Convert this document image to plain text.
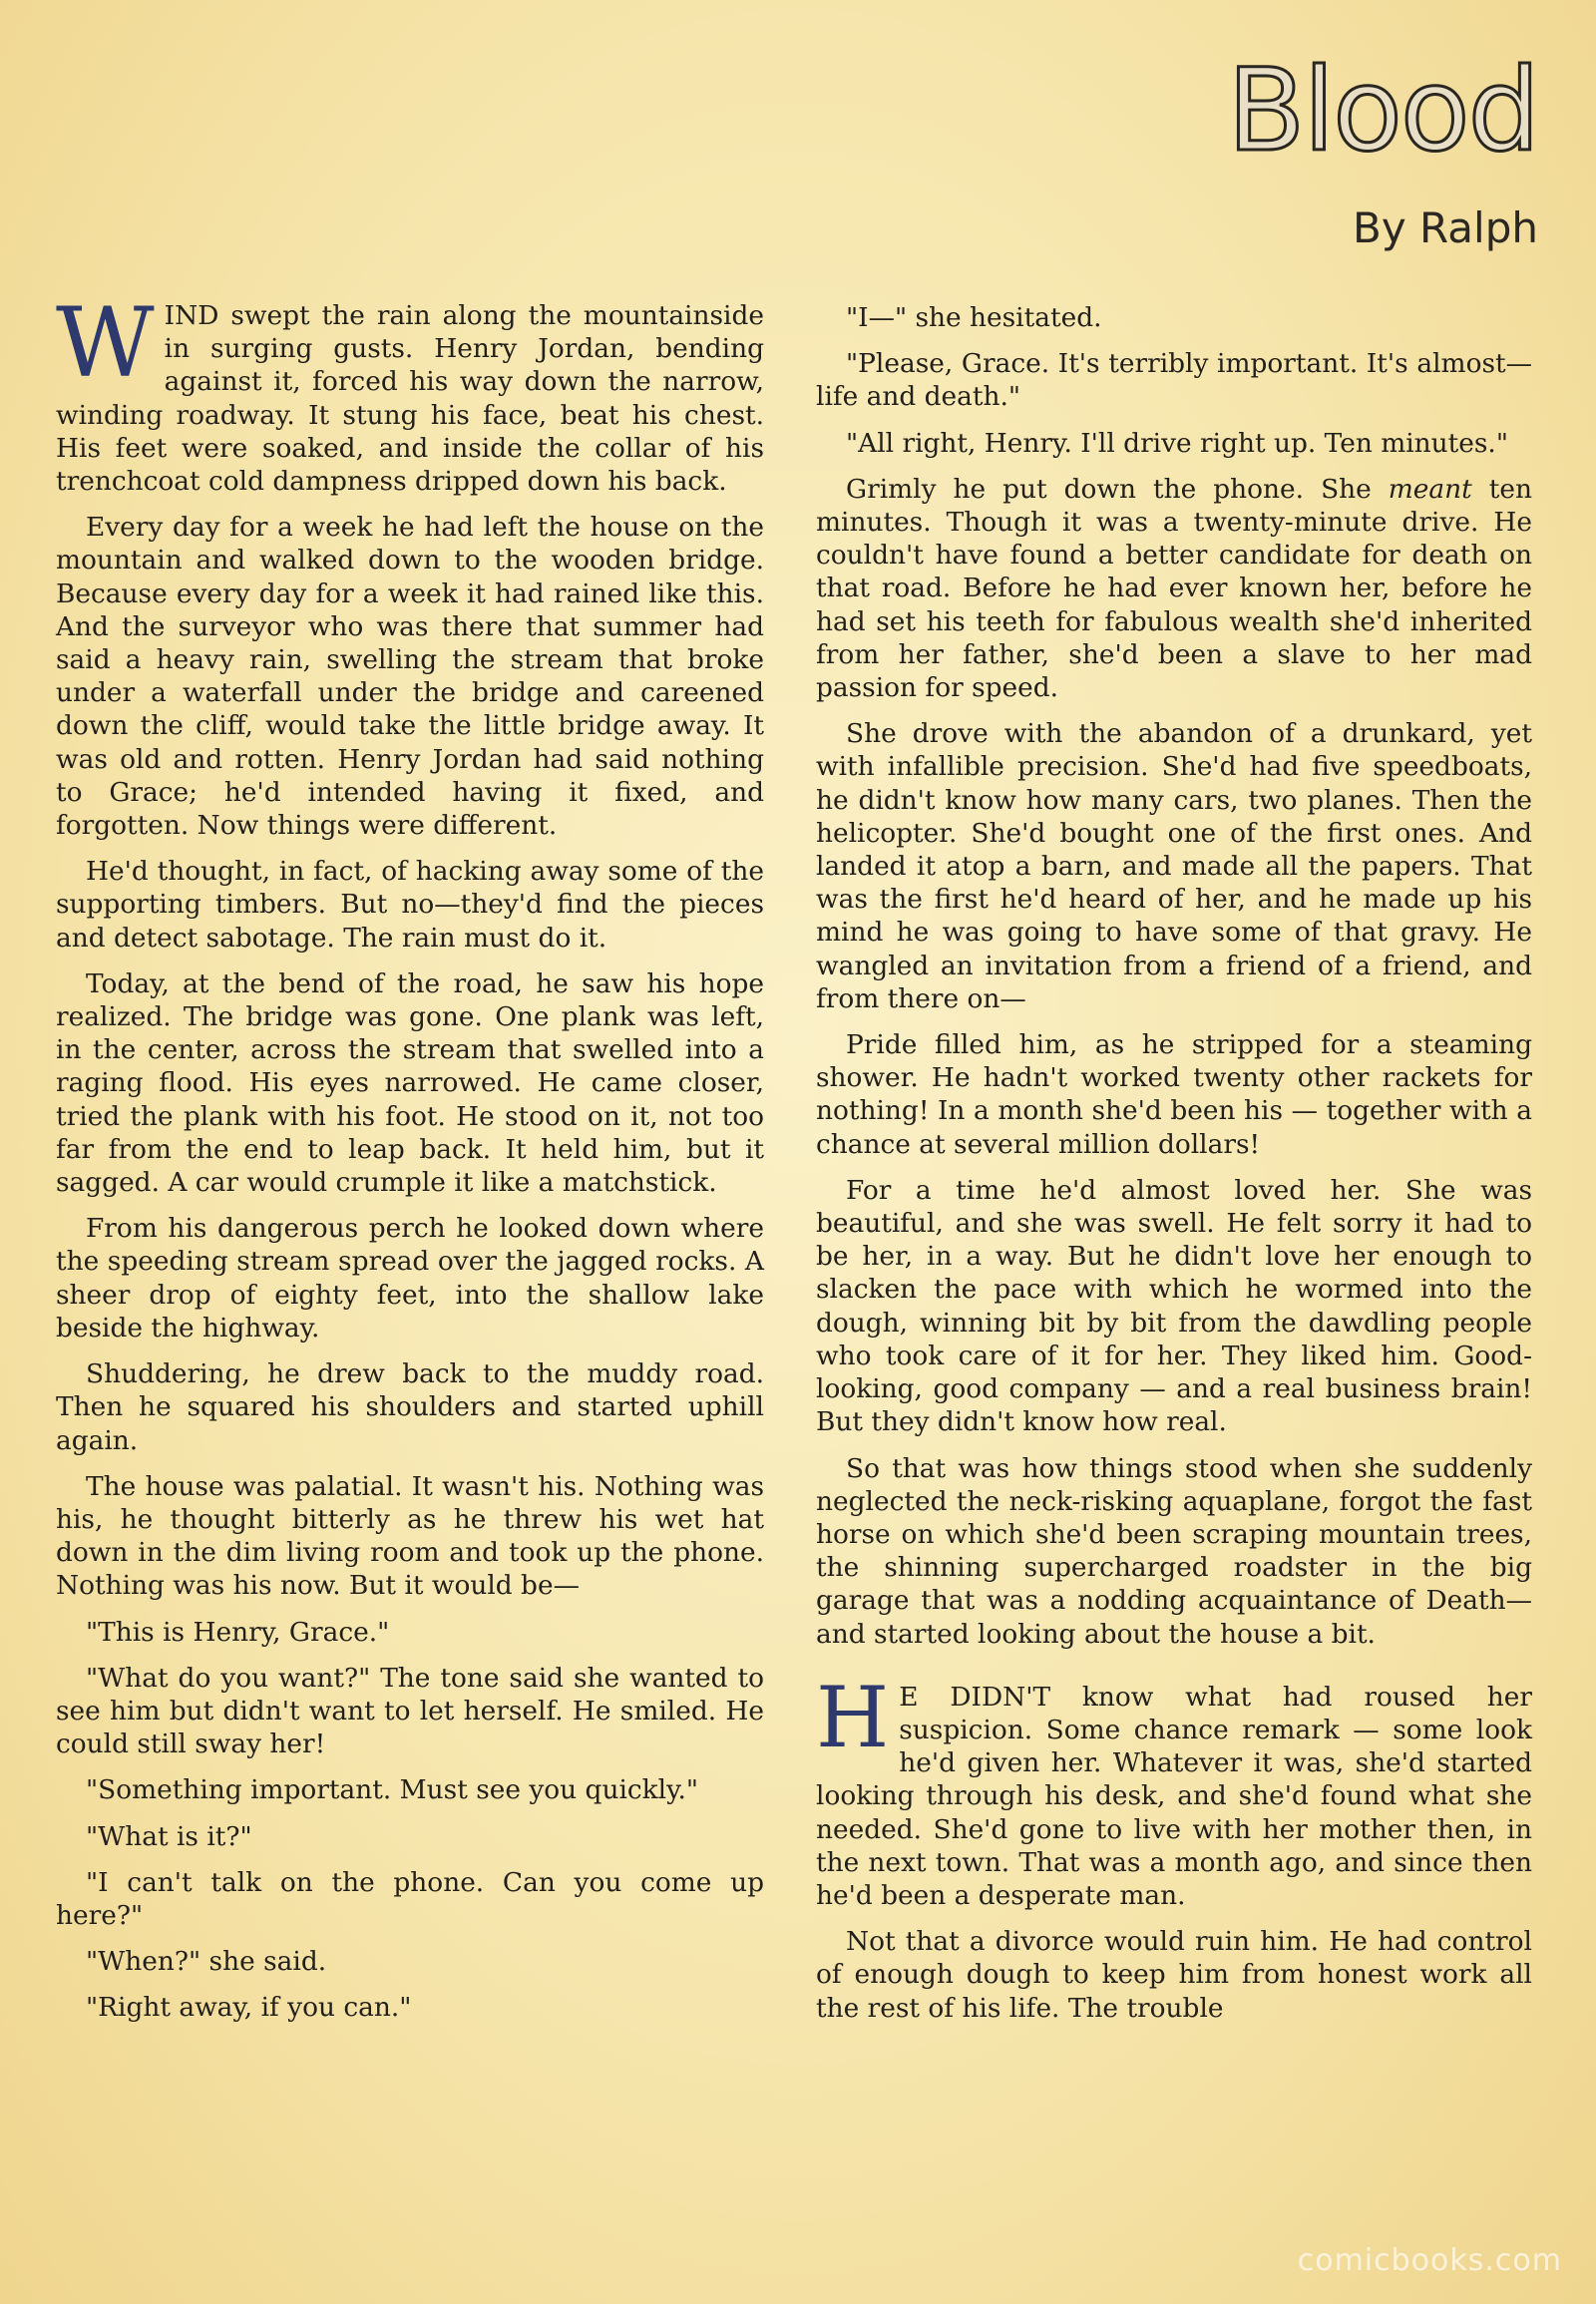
Blood
By Ralph

WIND swept the rain along the mountainside in surging gusts. Henry Jordan, bending against it, forced his way down the narrow, winding roadway. It stung his face, beat his chest. His feet were soaked, and inside the collar of his trenchcoat cold dampness dripped down his back.

Every day for a week he had left the house on the mountain and walked down to the wooden bridge. Because every day for a week it had rained like this. And the surveyor who was there that summer had said a heavy rain, swelling the stream that broke under a waterfall under the bridge and careened down the cliff, would take the little bridge away. It was old and rotten. Henry Jordan had said nothing to Grace; he'd intended having it fixed, and forgotten. Now things were different.

He'd thought, in fact, of hacking away some of the supporting timbers. But no—they'd find the pieces and detect sabotage. The rain must do it.

Today, at the bend of the road, he saw his hope realized. The bridge was gone. One plank was left, in the center, across the stream that swelled into a raging flood. His eyes narrowed. He came closer, tried the plank with his foot. He stood on it, not too far from the end to leap back. It held him, but it sagged. A car would crumple it like a matchstick.

From his dangerous perch he looked down where the speeding stream spread over the jagged rocks. A sheer drop of eighty feet, into the shallow lake beside the highway.

Shuddering, he drew back to the muddy road. Then he squared his shoulders and started uphill again.

The house was palatial. It wasn't his. Nothing was his, he thought bitterly as he threw his wet hat down in the dim living room and took up the phone. Nothing was his now. But it would be—

"This is Henry, Grace."

"What do you want?" The tone said she wanted to see him but didn't want to let herself. He smiled. He could still sway her!

"Something important. Must see you quickly."

"What is it?"

"I can't talk on the phone. Can you come up here?"

"When?" she said.

"Right away, if you can."

"I—" she hesitated.

"Please, Grace. It's terribly important. It's almost—life and death."

"All right, Henry. I'll drive right up. Ten minutes."

Grimly he put down the phone. She meant ten minutes. Though it was a twenty-minute drive. He couldn't have found a better candidate for death on that road. Before he had ever known her, before he had set his teeth for fabulous wealth she'd inherited from her father, she'd been a slave to her mad passion for speed.

She drove with the abandon of a drunkard, yet with infallible precision. She'd had five speedboats, he didn't know how many cars, two planes. Then the helicopter. She'd bought one of the first ones. And landed it atop a barn, and made all the papers. That was the first he'd heard of her, and he made up his mind he was going to have some of that gravy. He wangled an invitation from a friend of a friend, and from there on—

Pride filled him, as he stripped for a steaming shower. He hadn't worked twenty other rackets for nothing! In a month she'd been his — together with a chance at several million dollars!

For a time he'd almost loved her. She was beautiful, and she was swell. He felt sorry it had to be her, in a way. But he didn't love her enough to slacken the pace with which he wormed into the dough, winning bit by bit from the dawdling people who took care of it for her. They liked him. Good-looking, good company — and a real business brain! But they didn't know how real.

So that was how things stood when she suddenly neglected the neck-risking aquaplane, forgot the fast horse on which she'd been scraping mountain trees, the shinning supercharged roadster in the big garage that was a nodding acquaintance of Death—and started looking about the house a bit.

H E DIDN'T know what had roused her suspicion. Some chance remark — some look he'd given her. Whatever it was, she'd started looking through his desk, and she'd found what she needed. She'd gone to live with her mother then, in the next town. That was a month ago, and since then he'd been a desperate man.

Not that a divorce would ruin him. He had control of enough dough to keep him from honest work all the rest of his life. The trouble

comicbooks.com
